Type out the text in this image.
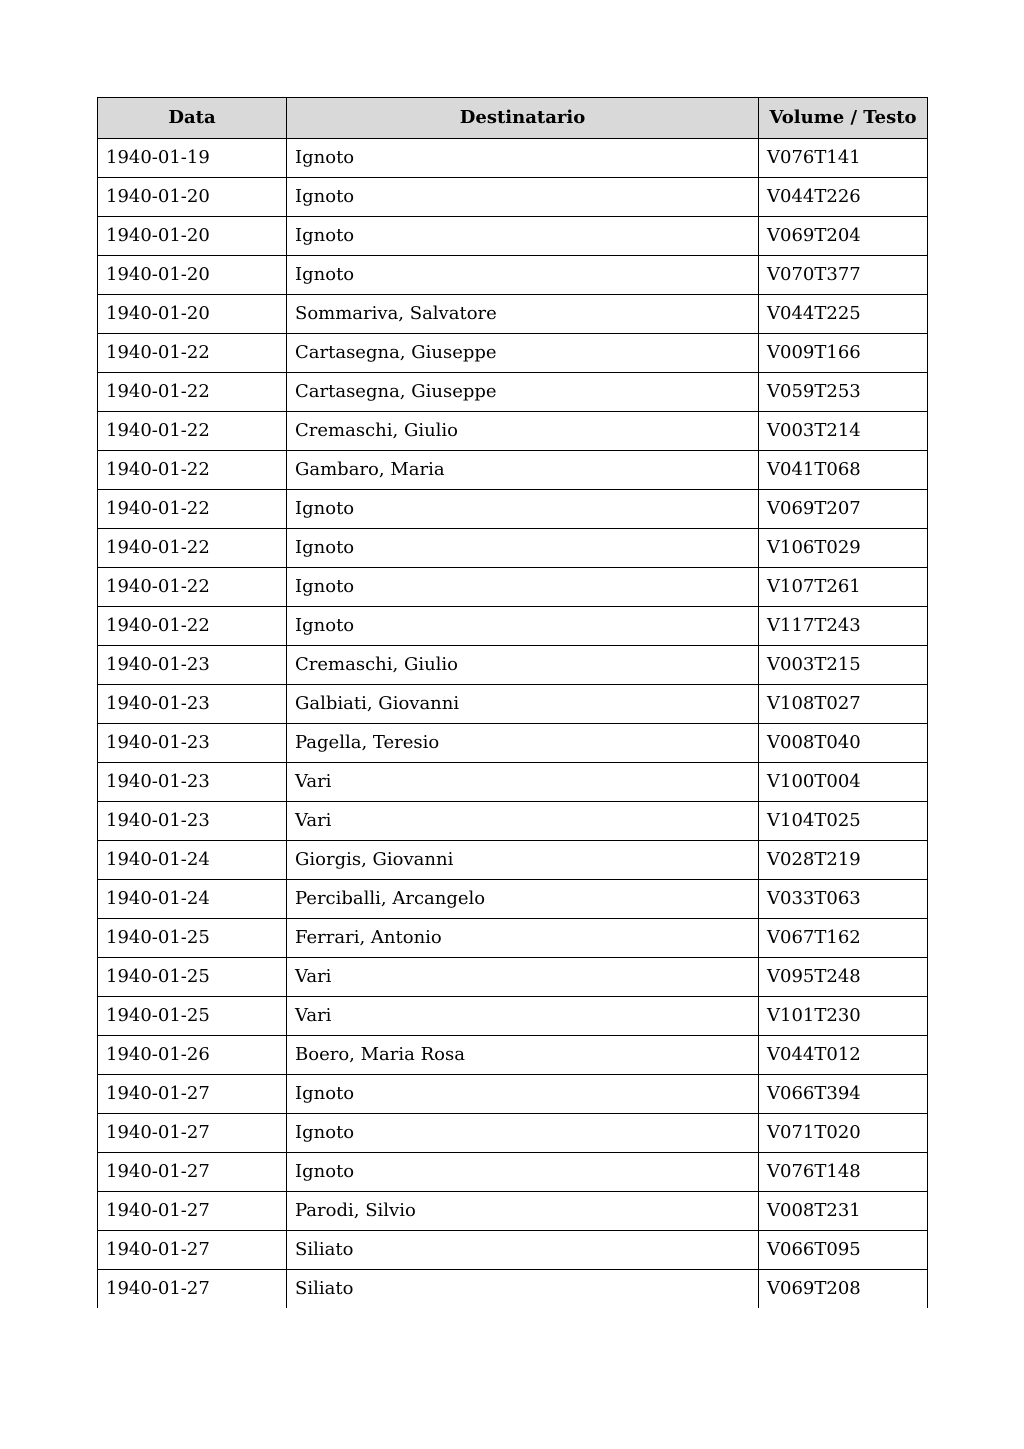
Data	Destinatario	Volume / Testo
1940-01-19	Ignoto	V076T141
1940-01-20	Ignoto	V044T226
1940-01-20	Ignoto	V069T204
1940-01-20	Ignoto	V070T377
1940-01-20	Sommariva, Salvatore	V044T225
1940-01-22	Cartasegna, Giuseppe	V009T166
1940-01-22	Cartasegna, Giuseppe	V059T253
1940-01-22	Cremaschi, Giulio	V003T214
1940-01-22	Gambaro, Maria	V041T068
1940-01-22	Ignoto	V069T207
1940-01-22	Ignoto	V106T029
1940-01-22	Ignoto	V107T261
1940-01-22	Ignoto	V117T243
1940-01-23	Cremaschi, Giulio	V003T215
1940-01-23	Galbiati, Giovanni	V108T027
1940-01-23	Pagella, Teresio	V008T040
1940-01-23	Vari	V100T004
1940-01-23	Vari	V104T025
1940-01-24	Giorgis, Giovanni	V028T219
1940-01-24	Perciballi, Arcangelo	V033T063
1940-01-25	Ferrari, Antonio	V067T162
1940-01-25	Vari	V095T248
1940-01-25	Vari	V101T230
1940-01-26	Boero, Maria Rosa	V044T012
1940-01-27	Ignoto	V066T394
1940-01-27	Ignoto	V071T020
1940-01-27	Ignoto	V076T148
1940-01-27	Parodi, Silvio	V008T231
1940-01-27	Siliato	V066T095
1940-01-27	Siliato	V069T208
